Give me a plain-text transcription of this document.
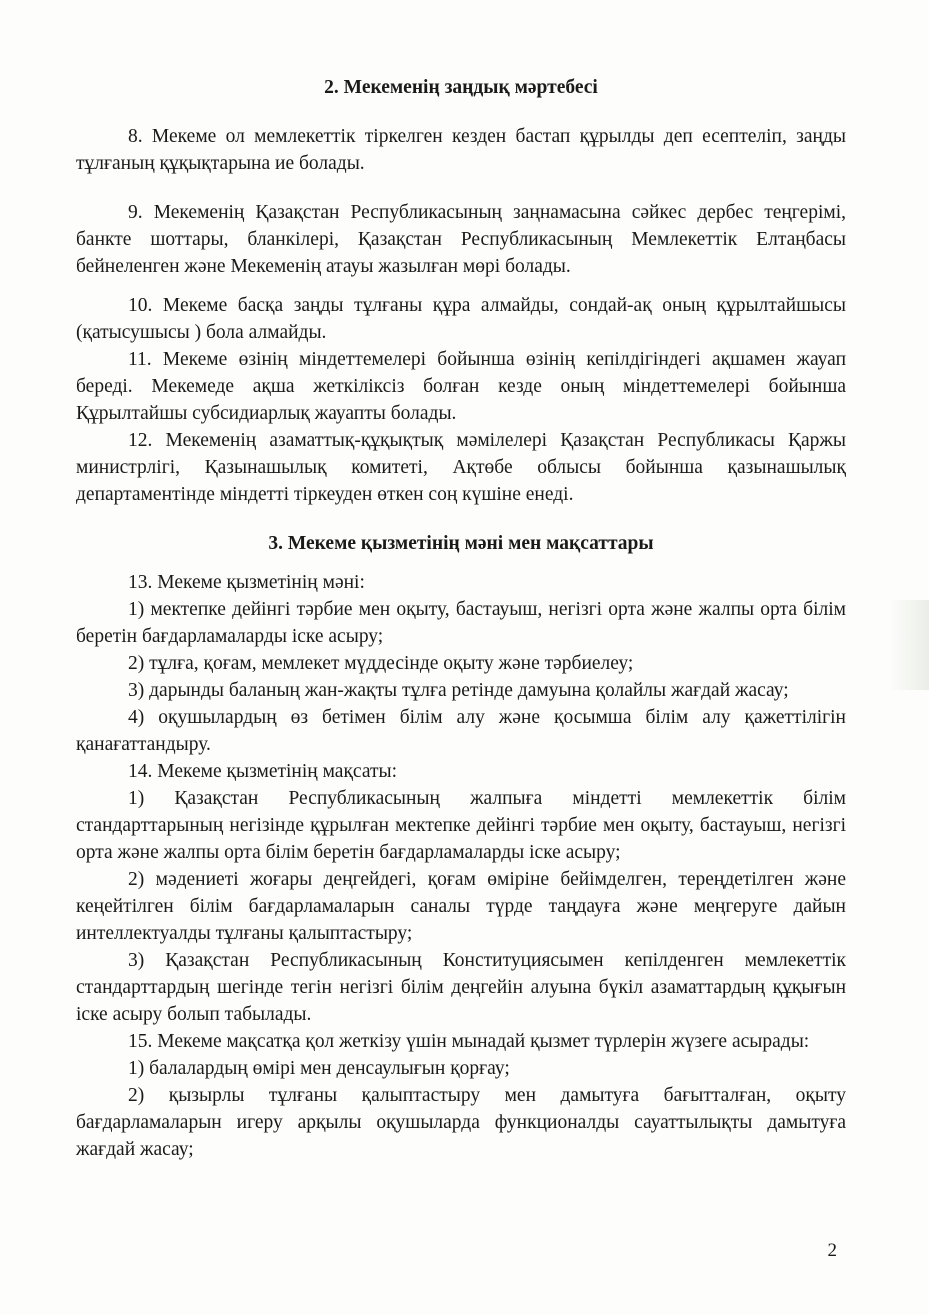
2. Мекеменің заңдық мәртебесі

8. Мекеме ол мемлекеттік тіркелген кезден бастап құрылды деп есептеліп, заңды тұлғаның құқықтарына ие болады.

9. Мекеменің Қазақстан Республикасының заңнамасына сәйкес дербес теңгерімі, банкте шоттары, бланкілері, Қазақстан Республикасының Мемлекеттік Елтаңбасы бейнеленген және Мекеменің атауы жазылған мөрі болады.

10. Мекеме басқа заңды тұлғаны құра алмайды, сондай-ақ оның құрылтайшысы (қатысушысы ) бола алмайды.

11. Мекеме өзінің міндеттемелері бойынша өзінің кепілдігіндегі ақшамен жауап береді. Мекемеде ақша жеткіліксіз болған кезде оның міндеттемелері бойынша Құрылтайшы субсидиарлық жауапты болады.

12. Мекеменің азаматтық-құқықтық мәмілелері Қазақстан Республикасы Қаржы министрлігі, Қазынашылық комитеті, Ақтөбе облысы бойынша қазынашылық департаментінде міндетті тіркеуден өткен соң күшіне енеді.

3. Мекеме қызметінің мәні мен мақсаттары

13. Мекеме қызметінің мәні:

1) мектепке дейінгі тәрбие мен оқыту, бастауыш, негізгі орта және жалпы орта білім беретін бағдарламаларды іске асыру;

2) тұлға, қоғам, мемлекет мүддесінде оқыту және тәрбиелеу;

3) дарынды баланың жан-жақты тұлға ретінде дамуына қолайлы жағдай жасау;

4) оқушылардың өз бетімен білім алу және қосымша білім алу қажеттілігін қанағаттандыру.

14. Мекеме қызметінің мақсаты:

1) Қазақстан Республикасының жалпыға міндетті мемлекеттік білім стандарттарының негізінде құрылған мектепке дейінгі тәрбие мен оқыту, бастауыш, негізгі орта және жалпы орта білім беретін бағдарламаларды іске асыру;

2) мәдениеті жоғары деңгейдегі, қоғам өміріне бейімделген, тереңдетілген және кеңейтілген білім бағдарламаларын саналы түрде таңдауға және меңгеруге дайын интеллектуалды тұлғаны қалыптастыру;

3) Қазақстан Республикасының Конституциясымен кепілденген мемлекеттік стандарттардың шегінде тегін негізгі білім деңгейін алуына бүкіл азаматтардың құқығын іске асыру болып табылады.

15. Мекеме мақсатқа қол жеткізу үшін мынадай қызмет түрлерін жүзеге асырады:

1) балалардың өмірі мен денсаулығын қорғау;

2) қызырлы тұлғаны қалыптастыру мен дамытуға бағытталған, оқыту бағдарламаларын игеру арқылы оқушыларда функционалды сауаттылықты дамытуға жағдай жасау;

2
